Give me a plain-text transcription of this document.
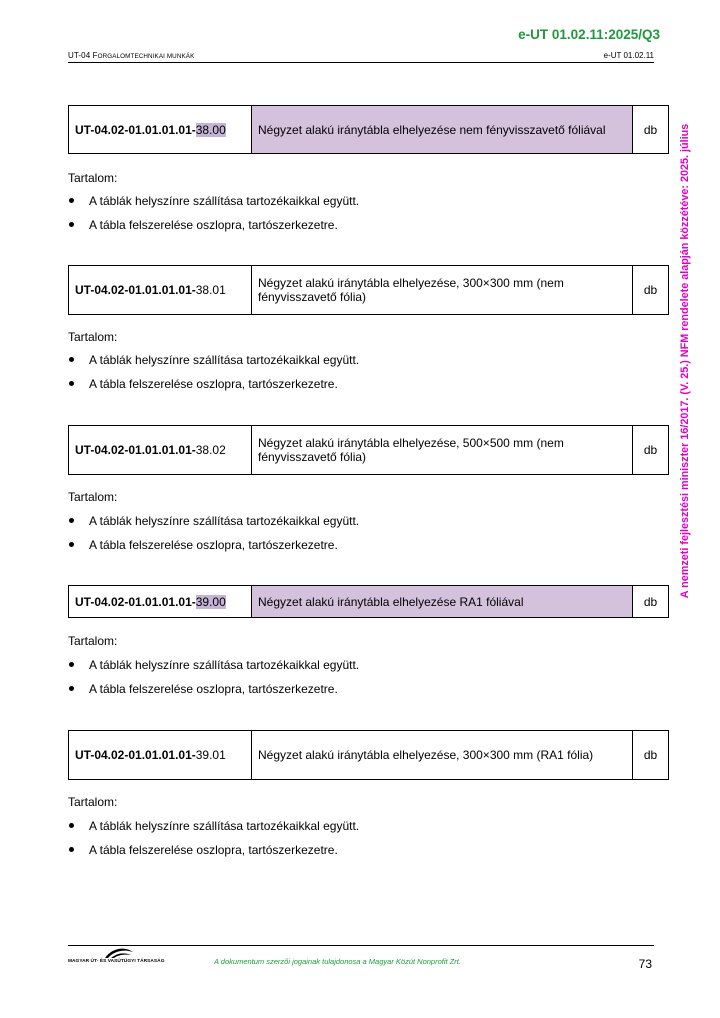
e-UT 01.02.11:2025/Q3
UT-04 FORGALOMTECHNIKAI MUNKÁK	e-UT 01.02.11
A nemzeti fejlesztési miniszter 16/2017. (V. 25.) NFM rendelete alapján közzétéve: 2025. július
UT-04.02-01.01.01.01-38.00	Négyzet alakú iránytábla elhelyezése nem fényvisszavető fóliával	db
Tartalom:
A táblák helyszínre szállítása tartozékaikkal együtt.
A tábla felszerelése oszlopra, tartószerkezetre.
UT-04.02-01.01.01.01-38.01	Négyzet alakú iránytábla elhelyezése, 300×300 mm (nem fényvisszavető fólia)	db
Tartalom:
A táblák helyszínre szállítása tartozékaikkal együtt.
A tábla felszerelése oszlopra, tartószerkezetre.
UT-04.02-01.01.01.01-38.02	Négyzet alakú iránytábla elhelyezése, 500×500 mm (nem fényvisszavető fólia)	db
Tartalom:
A táblák helyszínre szállítása tartozékaikkal együtt.
A tábla felszerelése oszlopra, tartószerkezetre.
UT-04.02-01.01.01.01-39.00	Négyzet alakú iránytábla elhelyezése RA1 fóliával	db
Tartalom:
A táblák helyszínre szállítása tartozékaikkal együtt.
A tábla felszerelése oszlopra, tartószerkezetre.
UT-04.02-01.01.01.01-39.01	Négyzet alakú iránytábla elhelyezése, 300×300 mm (RA1 fólia)	db
Tartalom:
A táblák helyszínre szállítása tartozékaikkal együtt.
A tábla felszerelése oszlopra, tartószerkezetre.
MAGYAR ÚT- ÉS VASÚTÜGYI TÁRSASÁG	A dokumentum szerzői jogainak tulajdonosa a Magyar Közút Nonprofit Zrt.	73
